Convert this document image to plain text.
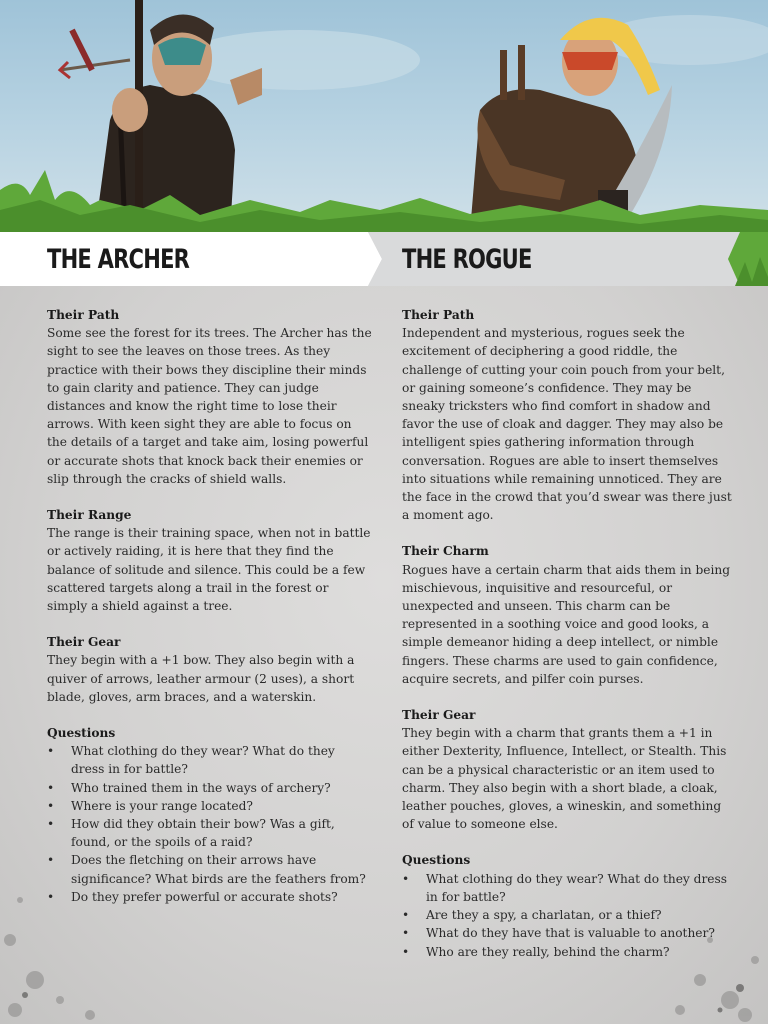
THE ARCHER	THE ROGUE
Their Path

Some see the forest for its trees. The Archer has the sight to see the leaves on those trees. As they practice with their bows they discipline their minds to gain clarity and patience. They can judge distances and know the right time to lose their arrows. With keen sight they are able to focus on the details of a target and take aim, losing powerful or accurate shots that knock back their enemies or slip through the cracks of shield walls.

Their Range

The range is their training space, when not in battle or actively raiding, it is here that they find the balance of solitude and silence. This could be a few scattered targets along a trail in the forest or simply a shield against a tree.

Their Gear

They begin with a +1 bow. They also begin with a quiver of arrows, leather armour (2 uses), a short blade, gloves, arm braces, and a waterskin.

Questions
• What clothing do they wear? What do they dress in for battle?
• Who trained them in the ways of archery?
• Where is your range located?
• How did they obtain their bow? Was a gift, found, or the spoils of a raid?
• Does the fletching on their arrows have significance? What birds are the feathers from?
• Do they prefer powerful or accurate shots?
Their Path

Independent and mysterious, rogues seek the excitement of deciphering a good riddle, the challenge of cutting your coin pouch from your belt, or gaining someone’s confidence. They may be sneaky tricksters who find comfort in shadow and favor the use of cloak and dagger. They may also be intelligent spies gathering information through conversation. Rogues are able to insert themselves into situations while remaining unnoticed. They are the face in the crowd that you’d swear was there just a moment ago.

Their Charm

Rogues have a certain charm that aids them in being mischievous, inquisitive and resourceful, or unexpected and unseen. This charm can be represented in a soothing voice and good looks, a simple demeanor hiding a deep intellect, or nimble fingers. These charms are used to gain confidence, acquire secrets, and pilfer coin purses.

Their Gear

They begin with a charm that grants them a +1 in either Dexterity, Influence, Intellect, or Stealth. This can be a physical characteristic or an item used to charm. They also begin with a short blade, a cloak, leather pouches, gloves, a wineskin, and something of value to someone else.

Questions
• What clothing do they wear? What do they dress in for battle?
• Are they a spy, a charlatan, or a thief?
• What do they have that is valuable to another?
• Who are they really, behind the charm?
